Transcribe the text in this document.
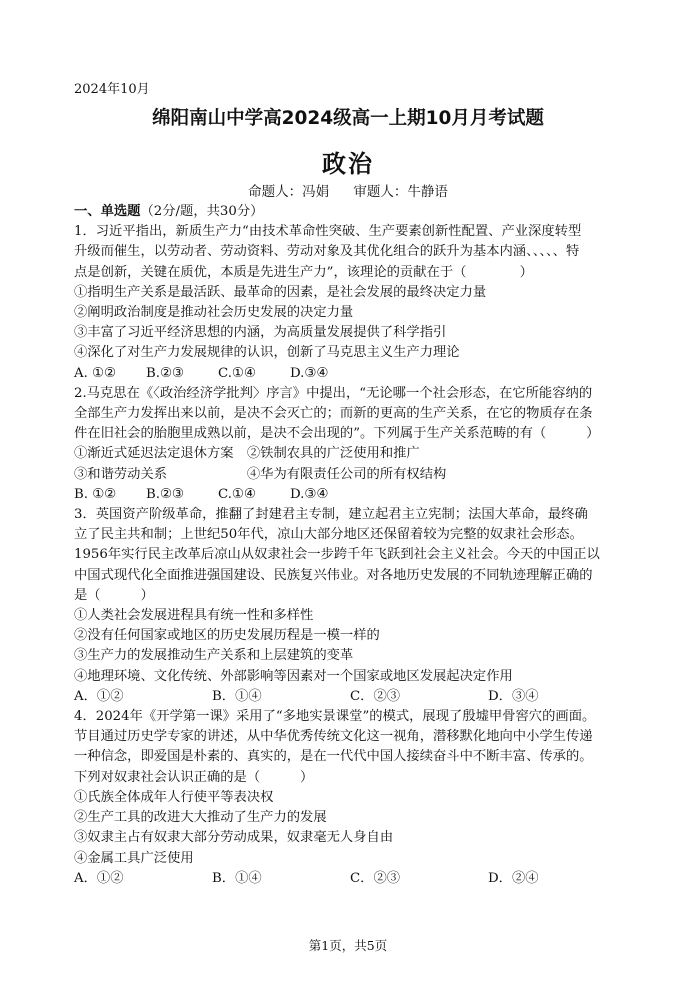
2024年10月
绵阳南山中学高2024级高一上期10月月考试题
政治
命题人：冯娟 审题人：牛静语
一、单选题（2分/题，共30分）
1．习近平指出，新质生产力“由技术革命性突破、生产要素创新性配置、产业深度转型
升级而催生，以劳动者、劳动资料、劳动对象及其优化组合的跃升为基本内涵、、、、、特
点是创新，关键在质优，本质是先进生产力”，该理论的贡献在于（　　　　）
①指明生产关系是最活跃、最革命的因素，是社会发展的最终决定力量
②阐明政治制度是推动社会历史发展的决定力量
③丰富了习近平经济思想的内涵，为高质量发展提供了科学指引
④深化了对生产力发展规律的认识，创新了马克思主义生产力理论
A. ①②	B.②③	C.①④	D.③④
2.马克思在《〈政治经济学批判〉序言》中提出，“无论哪一个社会形态，在它所能容纳的
全部生产力发挥出来以前，是决不会灭亡的；而新的更高的生产关系，在它的物质存在条
件在旧社会的胎胞里成熟以前，是决不会出现的”。下列属于生产关系范畴的有（　　　）
①渐近式延迟法定退休方案　②铁制农具的广泛使用和推广
③和谐劳动关系　　　　　　④华为有限责任公司的所有权结构
B. ①②	B.②③	C.①④	D.③④
3．英国资产阶级革命，推翻了封建君主专制，建立起君主立宪制；法国大革命，最终确
立了民主共和制；上世纪50年代，凉山大部分地区还保留着较为完整的奴隶社会形态。
1956年实行民主改革后凉山从奴隶社会一步跨千年飞跃到社会主义社会。今天的中国正以
中国式现代化全面推进强国建设、民族复兴伟业。对各地历史发展的不同轨迹理解正确的
是（　　　）
①人类社会发展进程具有统一性和多样性
②没有任何国家或地区的历史发展历程是一模一样的
③生产力的发展推动生产关系和上层建筑的变革
④地理环境、文化传统、外部影响等因素对一个国家或地区发展起决定作用
A．①②	B．①④	C．②③	D．③④
4．2024年《开学第一课》采用了“多地实景课堂”的模式，展现了殷墟甲骨窖穴的画面。
节目通过历史学专家的讲述，从中华优秀传统文化这一视角，潜移默化地向中小学生传递
一种信念，即爱国是朴素的、真实的，是在一代代中国人接续奋斗中不断丰富、传承的。
下列对奴隶社会认识正确的是（　　　）
①氏族全体成年人行使平等表决权
②生产工具的改进大大推动了生产力的发展
③奴隶主占有奴隶大部分劳动成果，奴隶毫无人身自由
④金属工具广泛使用
A．①②	B．①④	C．②③	D．②④
第1页，共5页
